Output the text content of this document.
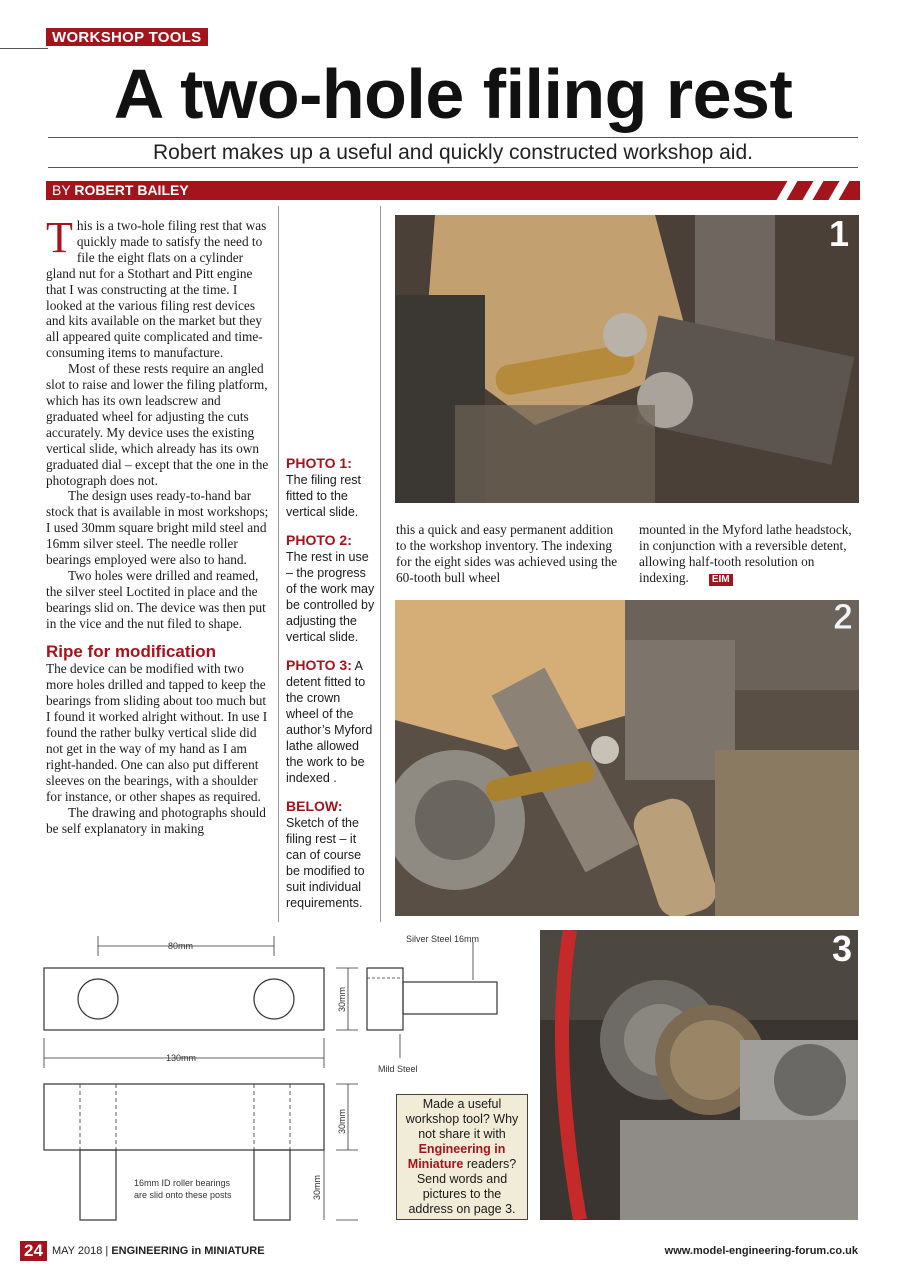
WORKSHOP TOOLS
A two-hole filing rest
Robert makes up a useful and quickly constructed workshop aid.
BY ROBERT BAILEY

This is a two-hole filing rest that was quickly made to satisfy the need to file the eight flats on a cylinder gland nut for a Stothart and Pitt engine that I was constructing at the time. I looked at the various filing rest devices and kits available on the market but they all appeared quite complicated and time-consuming items to manufacture.

Most of these rests require an angled slot to raise and lower the filing platform, which has its own leadscrew and graduated wheel for adjusting the cuts accurately. My device uses the existing vertical slide, which already has its own graduated dial – except that the one in the photograph does not.

The design uses ready-to-hand bar stock that is available in most workshops; I used 30mm square bright mild steel and 16mm silver steel. The needle roller bearings employed were also to hand.

Two holes were drilled and reamed, the silver steel Loctited in place and the bearings slid on. The device was then put in the vice and the nut filed to shape.

Ripe for modification

The device can be modified with two more holes drilled and tapped to keep the bearings from sliding about too much but I found it worked alright without. In use I found the rather bulky vertical slide did not get in the way of my hand as I am right-handed. One can also put different sleeves on the bearings, with a shoulder for instance, or other shapes as required.

The drawing and photographs should be self explanatory in making

PHOTO 1:
The filing rest fitted to the vertical slide.

PHOTO 2:
The rest in use – the progress of the work may be controlled by adjusting the vertical slide.

PHOTO 3: A detent fitted to the crown wheel of the author’s Myford lathe allowed the work to be indexed .

BELOW:
Sketch of the filing rest – it can of course be modified to suit individual requirements.

1
this a quick and easy permanent addition to the workshop inventory. The indexing for the eight sides was achieved using the 60-tooth bull wheel
mounted in the Myford lathe headstock, in conjunction with a reversible detent, allowing half-tooth resolution on indexing. EIM
2
80mm
130mm
30mm
30mm
30mm
Silver Steel 16mm
Mild Steel
16mm ID roller bearings
are slid onto these posts
Made a useful workshop tool? Why not share it with Engineering in Miniature readers? Send words and pictures to the address on page 3.
3
24 MAY 2018 | ENGINEERING in MINIATURE	www.model-engineering-forum.co.uk
